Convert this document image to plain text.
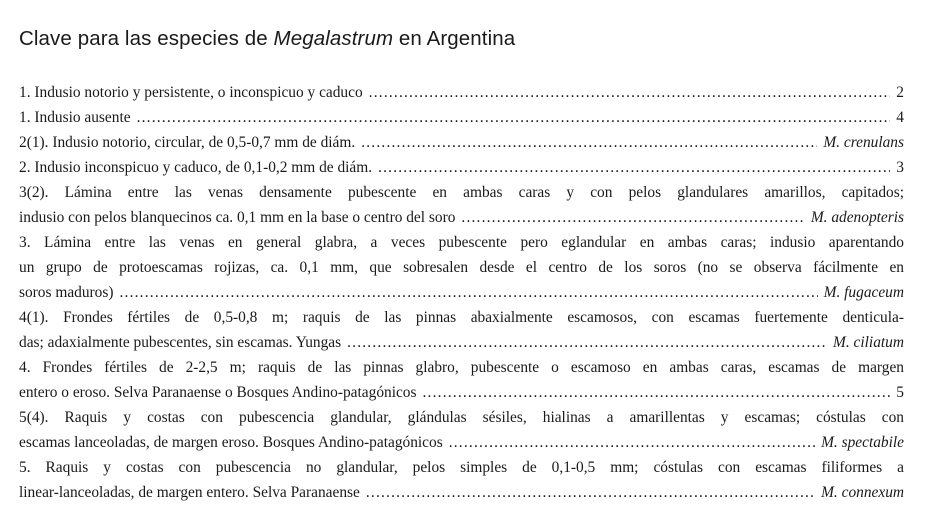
Clave para las especies de Megalastrum en Argentina
1. Indusio notorio y persistente, o inconspicuo y caduco .....	2
1. Indusio ausente .....	4
2(1). Indusio notorio, circular, de 0,5-0,7 mm de diám. .....	M. crenulans
2. Indusio inconspicuo y caduco, de 0,1-0,2 mm de diám. .....	3
3(2). Lámina entre las venas densamente pubescente en ambas caras y con pelos glandulares amarillos, capitados;
indusio con pelos blanquecinos ca. 0,1 mm en la base o centro del soro .....	M. adenopteris
3. Lámina entre las venas en general glabra, a veces pubescente pero eglandular en ambas caras; indusio aparentando
un grupo de protoescamas rojizas, ca. 0,1 mm, que sobresalen desde el centro de los soros (no se observa fácilmente en
soros maduros) .....	M. fugaceum
4(1). Frondes fértiles de 0,5-0,8 m; raquis de las pinnas abaxialmente escamosos, con escamas fuertemente denticula-
das; adaxialmente pubescentes, sin escamas. Yungas .....	M. ciliatum
4. Frondes fértiles de 2-2,5 m; raquis de las pinnas glabro, pubescente o escamoso en ambas caras, escamas de margen
entero o eroso. Selva Paranaense o Bosques Andino-patagónicos .....	5
5(4). Raquis y costas con pubescencia glandular, glándulas sésiles, hialinas a amarillentas y escamas; cóstulas con
escamas lanceoladas, de margen eroso. Bosques Andino-patagónicos .....	M. spectabile
5. Raquis y costas con pubescencia no glandular, pelos simples de 0,1-0,5 mm; cóstulas con escamas filiformes a
linear-lanceoladas, de margen entero. Selva Paranaense .....	M. connexum
